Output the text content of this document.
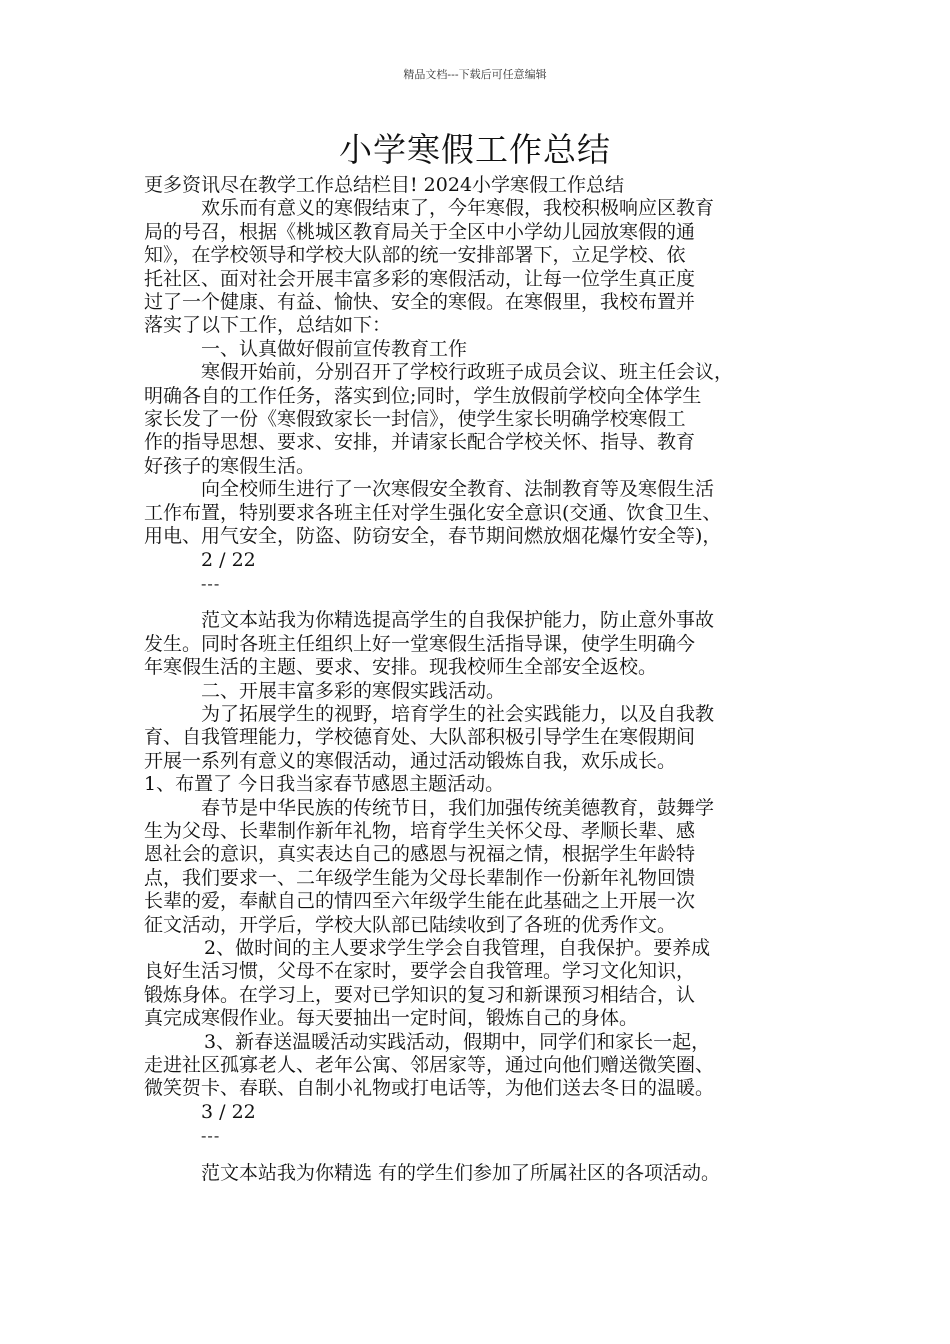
精品文档---下载后可任意编辑
小学寒假工作总结

更多资讯尽在教学工作总结栏目! 2024小学寒假工作总结

欢乐而有意义的寒假结束了，今年寒假，我校积极响应区教育

局的号召，根据《桃城区教育局关于全区中小学幼儿园放寒假的通

知》，在学校领导和学校大队部的统一安排部署下，立足学校、依

托社区、面对社会开展丰富多彩的寒假活动，让每一位学生真正度

过了一个健康、有益、愉快、安全的寒假。在寒假里，我校布置并

落实了以下工作，总结如下：

一、认真做好假前宣传教育工作

寒假开始前，分别召开了学校行政班子成员会议、班主任会议，

明确各自的工作任务，落实到位;同时，学生放假前学校向全体学生

家长发了一份《寒假致家长一封信》，使学生家长明确学校寒假工

作的指导思想、要求、安排，并请家长配合学校关怀、指导、教育

好孩子的寒假生活。

向全校师生进行了一次寒假安全教育、法制教育等及寒假生活

工作布置，特别要求各班主任对学生强化安全意识(交通、饮食卫生、

用电、用气安全，防盗、防窃安全，春节期间燃放烟花爆竹安全等)，

2 / 22

---

范文本站我为你精选提高学生的自我保护能力，防止意外事故

发生。同时各班主任组织上好一堂寒假生活指导课，使学生明确今

年寒假生活的主题、要求、安排。现我校师生全部安全返校。

二、开展丰富多彩的寒假实践活动。

为了拓展学生的视野，培育学生的社会实践能力，以及自我教

育、自我管理能力，学校德育处、大队部积极引导学生在寒假期间

开展一系列有意义的寒假活动，通过活动锻炼自我，欢乐成长。

1、布置了 今日我当家春节感恩主题活动。

春节是中华民族的传统节日，我们加强传统美德教育，鼓舞学

生为父母、长辈制作新年礼物，培育学生关怀父母、孝顺长辈、感

恩社会的意识，真实表达自己的感恩与祝福之情，根据学生年龄特

点，我们要求一、二年级学生能为父母长辈制作一份新年礼物回馈

长辈的爱，奉献自己的情四至六年级学生能在此基础之上开展一次

征文活动，开学后，学校大队部已陆续收到了各班的优秀作文。

2、做时间的主人要求学生学会自我管理，自我保护。要养成

良好生活习惯，父母不在家时，要学会自我管理。学习文化知识，

锻炼身体。在学习上，要对已学知识的复习和新课预习相结合，认

真完成寒假作业。每天要抽出一定时间，锻炼自己的身体。

3、新春送温暖活动实践活动，假期中，同学们和家长一起，

走进社区孤寡老人、老年公寓、邻居家等，通过向他们赠送微笑圈、

微笑贺卡、春联、自制小礼物或打电话等，为他们送去冬日的温暖。

3 / 22

---

范文本站我为你精选 有的学生们参加了所属社区的各项活动。
